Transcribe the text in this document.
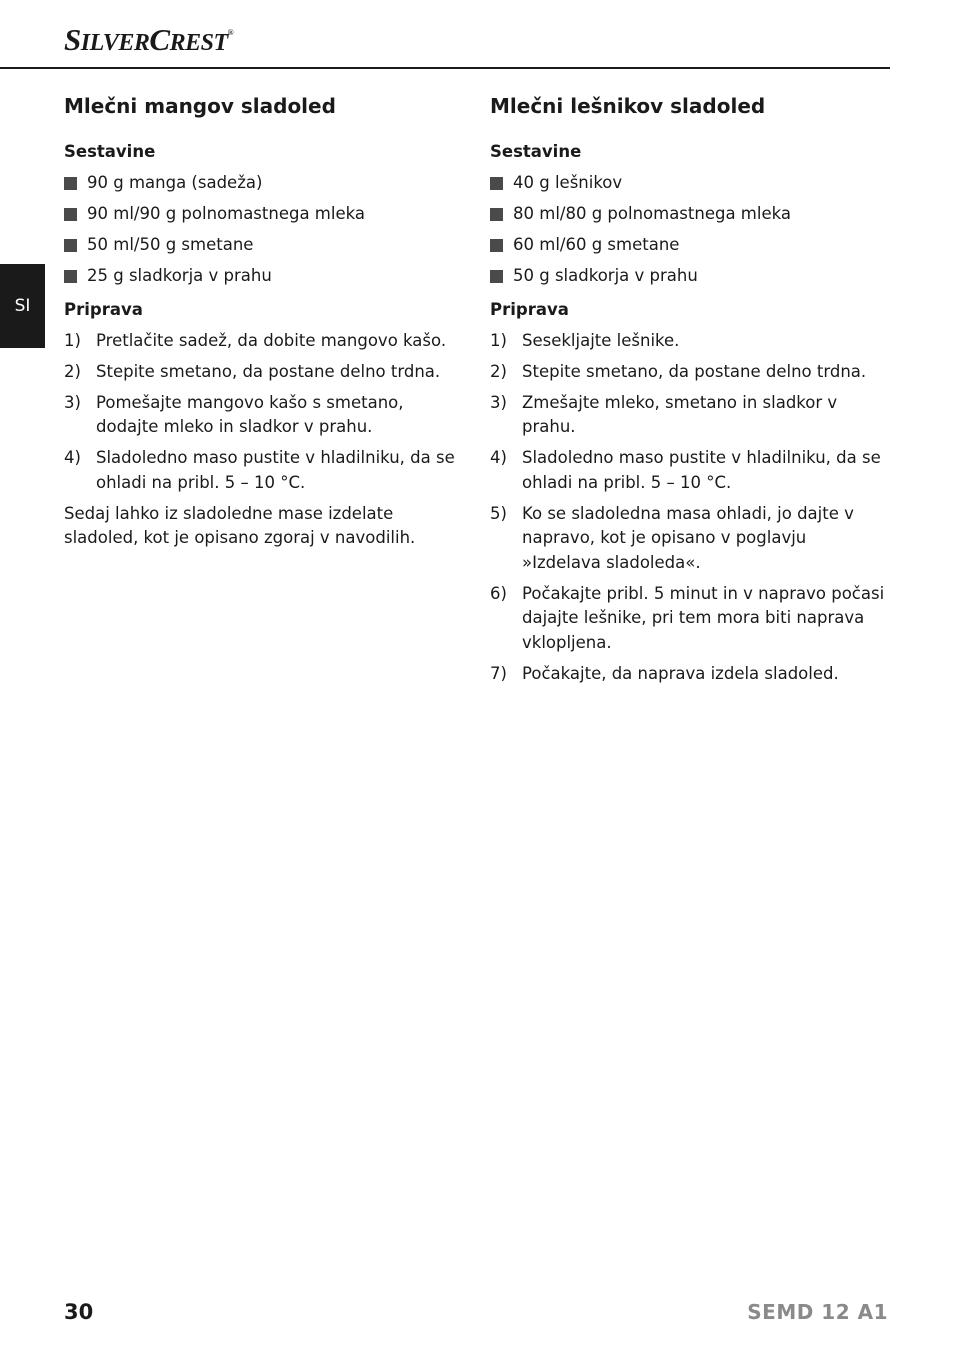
SILVERCREST®
SI
Mlečni mangov sladoled
Sestavine
90 g manga (sadeža)
90 ml/90 g polnomastnega mleka
50 ml/50 g smetane
25 g sladkorja v prahu
Priprava
1) Pretlačite sadež, da dobite mangovo kašo.
2) Stepite smetano, da postane delno trdna.
3) Pomešajte mangovo kašo s smetano, dodajte mleko in sladkor v prahu.
4) Sladoledno maso pustite v hladilniku, da se ohladi na pribl. 5 – 10 °C.

Sedaj lahko iz sladoledne mase izdelate sladoled, kot je opisano zgoraj v navodilih.

Mlečni lešnikov sladoled
Sestavine
40 g lešnikov
80 ml/80 g polnomastnega mleka
60 ml/60 g smetane
50 g sladkorja v prahu
Priprava
1) Sesekljajte lešnike.
2) Stepite smetano, da postane delno trdna.
3) Zmešajte mleko, smetano in sladkor v prahu.
4) Sladoledno maso pustite v hladilniku, da se ohladi na pribl. 5 – 10 °C.
5) Ko se sladoledna masa ohladi, jo dajte v napravo, kot je opisano v poglavju »Izdelava sladoleda«.
6) Počakajte pribl. 5 minut in v napravo počasi dajajte lešnike, pri tem mora biti naprava vklopljena.
7) Počakajte, da naprava izdela sladoled.
30	SEMD 12 A1
